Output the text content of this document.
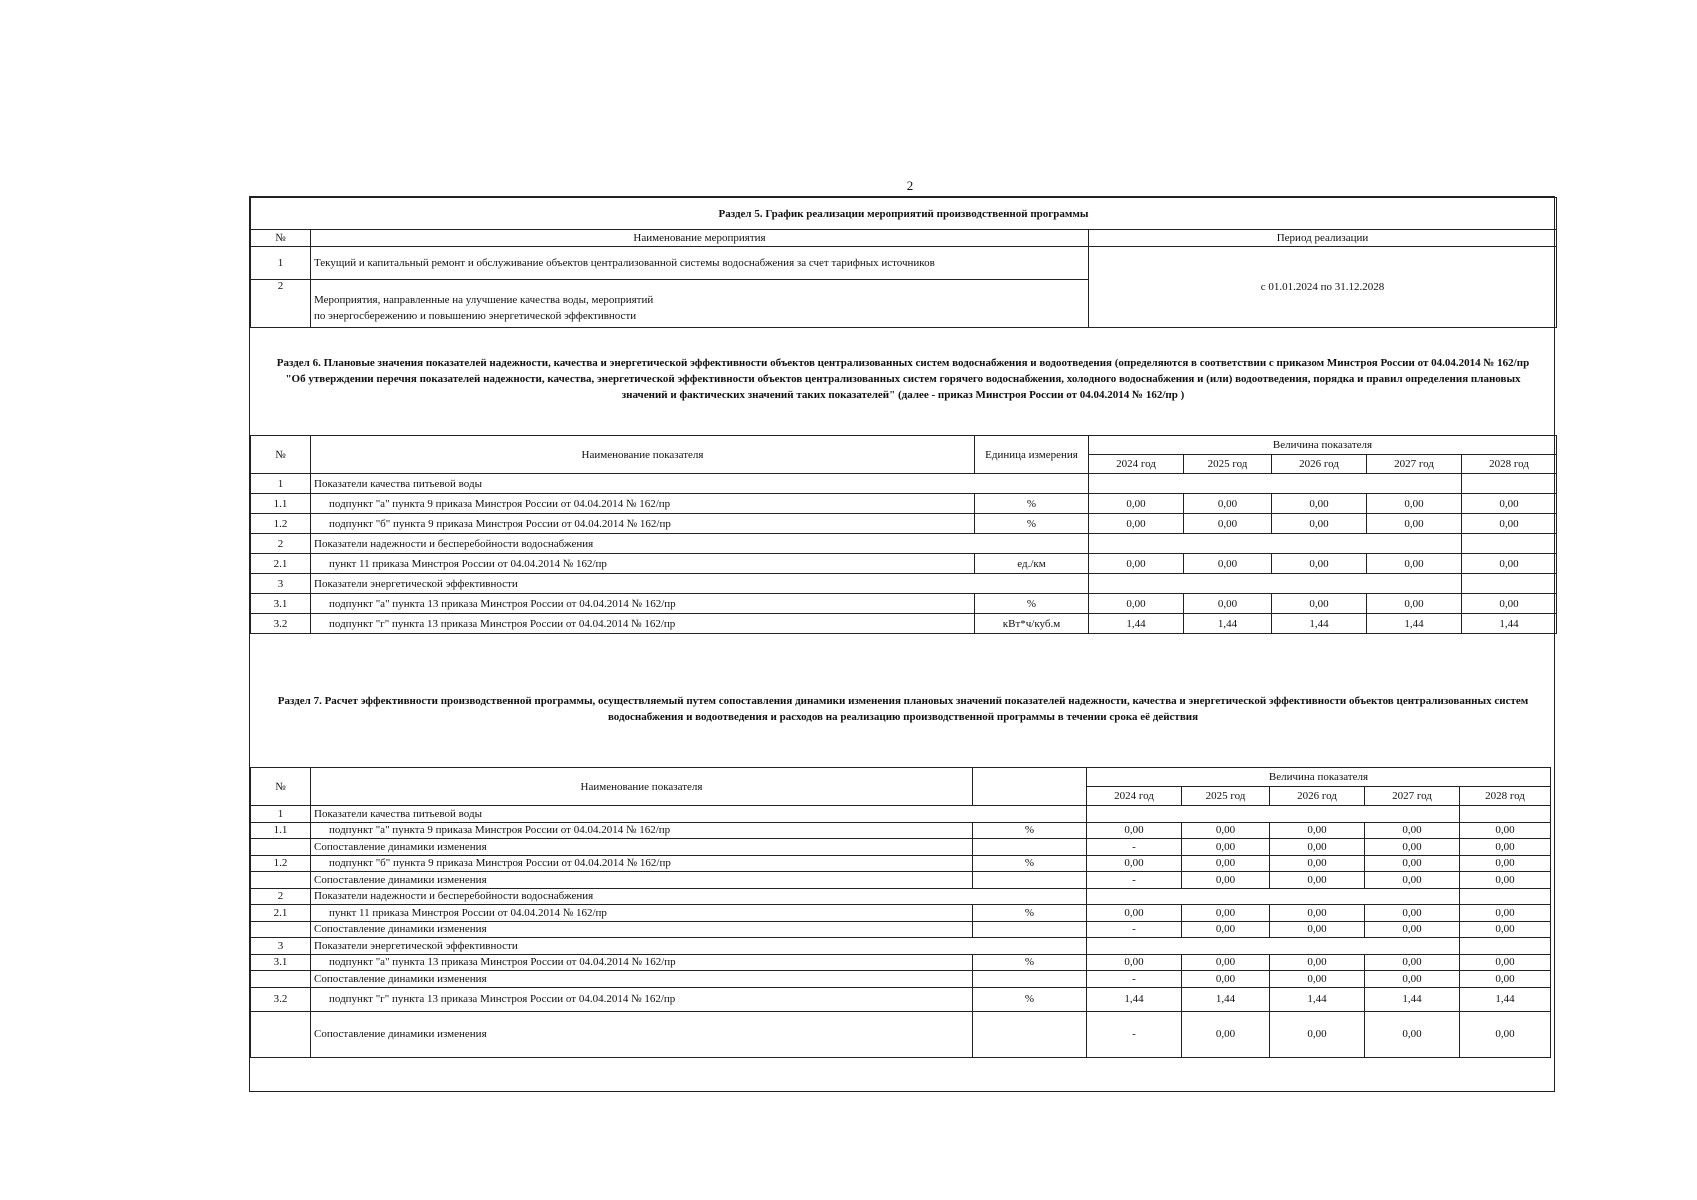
2
Раздел 5. График реализации мероприятий производственной программы		
№	Наименование мероприятия	Период реализации
1	Текущий и капитальный ремонт и обслуживание объектов централизованной системы водоснабжения за счет тарифных источников	с 01.01.2024 по 31.12.2028
2	Мероприятия, направленные на улучшение качества воды, мероприятий
по энергосбережению и повышению энергетической эффективности	
Раздел 6. Плановые значения показателей надежности, качества и энергетической эффективности объектов централизованных систем водоснабжения и водоотведения (определяются в соответствии с приказом Минстроя России от 04.04.2014 № 162/пр "Об утверждении перечня показателей надежности, качества, энергетической эффективности объектов централизованных систем горячего водоснабжения, холодного водоснабжения и (или) водоотведения, порядка и правил определения плановых значений и фактических значений таких показателей" (далее - приказ Минстроя России от 04.04.2014 № 162/пр )
№	Наименование показателя	Единица измерения	Величина показателя				
			2024 год	2025 год	2026 год	2027 год	2028 год
1	Показатели качества питьевой воды						
1.1	подпункт "а" пункта 9 приказа Минстроя России от 04.04.2014 № 162/пр	%	0,00	0,00	0,00	0,00	0,00
1.2	подпункт "б" пункта 9 приказа Минстроя России от 04.04.2014 № 162/пр	%	0,00	0,00	0,00	0,00	0,00
2	Показатели надежности и бесперебойности водоснабжения						
2.1	пункт 11 приказа Минстроя России от 04.04.2014 № 162/пр	ед./км	0,00	0,00	0,00	0,00	0,00
3	Показатели энергетической эффективности						
3.1	подпункт "а" пункта 13 приказа Минстроя России от 04.04.2014 № 162/пр	%	0,00	0,00	0,00	0,00	0,00
3.2	подпункт "г" пункта 13 приказа Минстроя России от 04.04.2014 № 162/пр	кВт*ч/куб.м	1,44	1,44	1,44	1,44	1,44
Раздел 7. Расчет эффективности производственной программы, осуществляемый путем сопоставления динамики изменения плановых значений показателей надежности, качества и энергетической эффективности объектов централизованных систем водоснабжения и водоотведения и расходов на реализацию производственной программы в течении срока её действия
№	Наименование показателя		Величина показателя				
			2024 год	2025 год	2026 год	2027 год	2028 год
1	Показатели качества питьевой воды						
1.1	подпункт "а" пункта 9 приказа Минстроя России от 04.04.2014 № 162/пр	%	0,00	0,00	0,00	0,00	0,00
	Сопоставление динамики изменения		-	0,00	0,00	0,00	0,00
1.2	подпункт "б" пункта 9 приказа Минстроя России от 04.04.2014 № 162/пр	%	0,00	0,00	0,00	0,00	0,00
	Сопоставление динамики изменения		-	0,00	0,00	0,00	0,00
2	Показатели надежности и бесперебойности водоснабжения						
2.1	пункт 11 приказа Минстроя России от 04.04.2014 № 162/пр	%	0,00	0,00	0,00	0,00	0,00
	Сопоставление динамики изменения		-	0,00	0,00	0,00	0,00
3	Показатели энергетической эффективности						
3.1	подпункт "а" пункта 13 приказа Минстроя России от 04.04.2014 № 162/пр	%	0,00	0,00	0,00	0,00	0,00
	Сопоставление динамики изменения		-	0,00	0,00	0,00	0,00
3.2	подпункт "г" пункта 13 приказа Минстроя России от 04.04.2014 № 162/пр	%	1,44	1,44	1,44	1,44	1,44
	Сопоставление динамики изменения		-	0,00	0,00	0,00	0,00
